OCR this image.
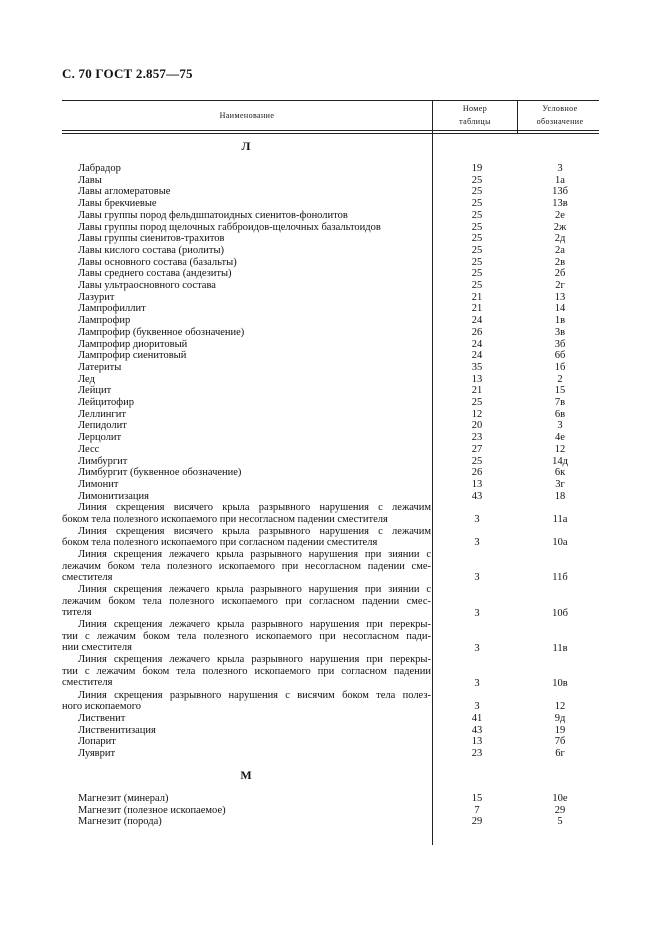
С. 70 ГОСТ 2.857—75
Наименование
Номер
таблицы
Условное
обозначение
Л
Лабрадор	19	3
Лавы	25	1а
Лавы агломератовые	25	13б
Лавы брекчиевые	25	13в
Лавы группы пород фельдшпатоидных сиенитов-фонолитов	25	2е
Лавы группы пород щелочных габброидов-щелочных базальтоидов	25	2ж
Лавы группы сиенитов-трахитов	25	2д
Лавы кислого состава (риолиты)	25	2а
Лавы основного состава (базальты)	25	2в
Лавы среднего состава (андезиты)	25	2б
Лавы ультраосновного состава	25	2г
Лазурит	21	13
Лампрофиллит	21	14
Лампрофир	24	1в
Лампрофир (буквенное обозначение)	26	3в
Лампрофир диоритовый	24	3б
Лампрофир сиенитовый	24	6б
Латериты	35	1б
Лед	13	2
Лейцит	21	15
Лейцитофир	25	7в
Леллингит	12	6в
Лепидолит	20	3
Лерцолит	23	4е
Лесс	27	12
Лимбургит	25	14д
Лимбургит (буквенное обозначение)	26	6к
Лимонит	13	3г
Лимонитизация	43	18
Линия скрещения висячего крыла разрывного нарушения с лежачим
боком тела полезного ископаемого при несогласном падении сместителя	3	11а
Линия скрещения висячего крыла разрывного нарушения с лежачим
боком тела полезного ископаемого при согласном падении сместителя	3	10а
Линия скрещения лежачего крыла разрывного нарушения при зиянии с
лежачим боком тела полезного ископаемого при несогласном падении сме-
сместителя	3	11б
Линия скрещения лежачего крыла разрывного нарушения при зиянии с
лежачим боком тела полезного ископаемого при согласном падении смес-
тителя	3	10б
Линия скрещения лежачего крыла разрывного нарушения при перекры-
тии с лежачим боком тела полезного ископаемого при несогласном пади-
нии сместителя	3	11в
Линия скрещения лежачего крыла разрывного нарушения при перекры-
тии с лежачим боком тела полезного ископаемого при согласном падении
сместителя	3	10в
Линия скрещения разрывного нарушения с висячим боком тела полез-
ного ископаемого	3	12
Лиственит	41	9д
Лиственитизация	43	19
Лопарит	13	7б
Луяврит	23	6г
М
Магнезит (минерал)	15	10е
Магнезит (полезное ископаемое)	7	29
Магнезит (порода)	29	5
